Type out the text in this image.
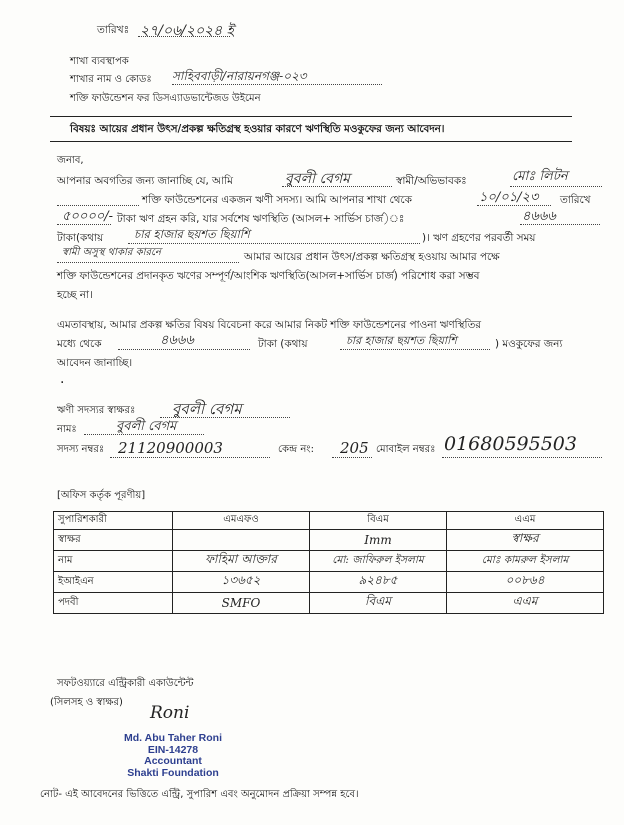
তারিখঃ ২৭/০৬/২০২৪ ই
শাখা ব্যবস্থাপক
শাখার নাম ও কোডঃ সাহিববাড়ী/নারায়নগঞ্জ-০২৩
শক্তি ফাউন্ডেশন ফর ডিসএ্যাডভান্টেজড উইমেন
বিষয়ঃ আয়ের প্রধান উৎস/প্রকল্প ক্ষতিগ্রস্থ হওয়ার কারণে ঋণস্থিতি মওকুফের জন্য আবেদন।
জনাব,
আপনার অবগতির জন্য জানাচ্ছি যে, আমি	বুবলী বেগম	স্বামী/অভিভাবকঃ	মোঃ লিটন
শক্তি ফাউন্ডেশনের একজন ঋণী সদস্য। আমি আপনার শাখা থেকে	১০/০১/২৩ তারিখে
৫০০০০/- টাকা ঋণ গ্রহন করি, যার সর্বশেষ ঋণস্থিতি (আসল+ সার্ভিস চার্জ)ঃ	৪৬৬৬
টাকা(কথায়	চার হাজার ছয়শত ছিয়াশি	)। ঋণ গ্রহণের পরবর্তী সময়
স্বামী অসুস্থ থাকার কারনে	আমার আয়ের প্রধান উৎস/প্রকল্প ক্ষতিগ্রস্থ হওয়ায় আমার পক্ষে
শক্তি ফাউন্ডেশনের প্রদানকৃত ঋণের সম্পূর্ণ/আংশিক ঋণস্থিতি(আসল+সার্ভিস চার্জ) পরিশোধ করা সম্ভব
হচ্ছে না।
এমতাবস্থায়, আমার প্রকল্প ক্ষতির বিষয় বিবেচনা করে আমার নিকট শক্তি ফাউন্ডেশনের পাওনা ঋণস্থিতির
মধ্যে থেকে	৪৬৬৬	টাকা (কথায়	চার হাজার ছয়শত ছিয়াশি	) মওকুফের জন্য
আবেদন জানাচ্ছি।
·
ঋণী সদস্যর স্বাক্ষরঃ বুবলী বেগম
নামঃ	বুবলী বেগম
সদস্য নম্বরঃ 21120900003	কেন্দ্র নং: 205 মোবাইল নম্বরঃ 01680595503
[অফিস কর্তৃক পূরণীয়]
সুপারিশকারী	এমএফও	বিএম	এএম
স্বাক্ষর		Imm	স্বাক্ষর
নাম	ফাহিমা আক্তার	মো: জাফিরুল ইসলাম	মোঃ কামরুল ইসলাম
ইআইএন	১৩৬৫২	৯২৪৮৫	০০৮৬৪
পদবী	SMFO	বিএম	এএম
সফটওয়্যারে এন্ট্রিকারী একাউন্টেন্ট
(সিলসহ ও স্বাক্ষর)
Roni
Md. Abu Taher Roni
EIN-14278
Accountant
Shakti Foundation
নোট- এই আবেদনের ভিত্তিতে এন্ট্রি, সুপারিশ এবং অনুমোদন প্রক্রিয়া সম্পন্ন হবে।
